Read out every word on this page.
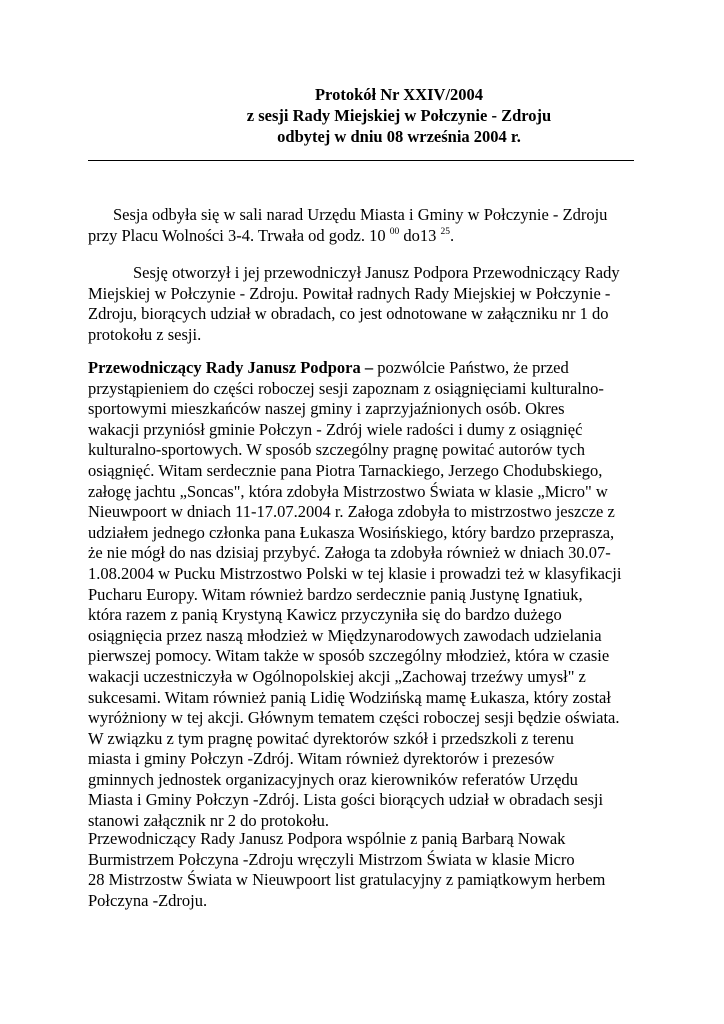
Protokół Nr XXIV/2004
z sesji Rady Miejskiej w Połczynie - Zdroju
odbytej w dniu 08 września 2004 r.
Sesja odbyła się w sali narad Urzędu Miasta i Gminy w Połczynie - Zdroju
przy Placu Wolności 3-4. Trwała od godz. 10 $^{00}$ do13 $^{25}$.
Sesję otworzył i jej przewodniczył Janusz Podpora Przewodniczący Rady
Miejskiej w Połczynie - Zdroju. Powitał radnych Rady Miejskiej w Połczynie -
Zdroju, biorących udział w obradach, co jest odnotowane w załączniku nr 1 do
protokołu z sesji.
Przewodniczący Rady Janusz Podpora – pozwólcie Państwo, że przed
przystąpieniem do części roboczej sesji zapoznam z osiągnięciami kulturalno-
sportowymi mieszkańców naszej gminy i zaprzyjaźnionych osób. Okres
wakacji przyniósł gminie Połczyn - Zdrój wiele radości i dumy z osiągnięć
kulturalno-sportowych. W sposób szczególny pragnę powitać autorów tych
osiągnięć. Witam serdecznie pana Piotra Tarnackiego, Jerzego Chodubskiego,
załogę jachtu „Soncas", która zdobyła Mistrzostwo Świata w klasie „Micro" w
Nieuwpoort w dniach 11-17.07.2004 r. Załoga zdobyła to mistrzostwo jeszcze z
udziałem jednego członka pana Łukasza Wosińskiego, który bardzo przeprasza,
że nie mógł do nas dzisiaj przybyć. Załoga ta zdobyła również w dniach 30.07-
1.08.2004 w Pucku Mistrzostwo Polski w tej klasie i prowadzi też w klasyfikacji
Pucharu Europy. Witam również bardzo serdecznie panią Justynę Ignatiuk,
która razem z panią Krystyną Kawicz przyczyniła się do bardzo dużego
osiągnięcia przez naszą młodzież w Międzynarodowych zawodach udzielania
pierwszej pomocy. Witam także w sposób szczególny młodzież, która w czasie
wakacji uczestniczyła w Ogólnopolskiej akcji „Zachowaj trzeźwy umysł" z
sukcesami. Witam również panią Lidię Wodzińską mamę Łukasza, który został
wyróżniony w tej akcji. Głównym tematem części roboczej sesji będzie oświata.
W związku z tym pragnę powitać dyrektorów szkół i przedszkoli z terenu
miasta i gminy Połczyn -Zdrój. Witam również dyrektorów i prezesów
gminnych jednostek organizacyjnych oraz kierowników referatów Urzędu
Miasta i Gminy Połczyn -Zdrój. Lista gości biorących udział w obradach sesji
stanowi załącznik nr 2 do protokołu.
Przewodniczący Rady Janusz Podpora wspólnie z panią Barbarą Nowak
Burmistrzem Połczyna -Zdroju wręczyli Mistrzom Świata w klasie Micro
28 Mistrzostw Świata w Nieuwpoort list gratulacyjny z pamiątkowym herbem
Połczyna -Zdroju.
